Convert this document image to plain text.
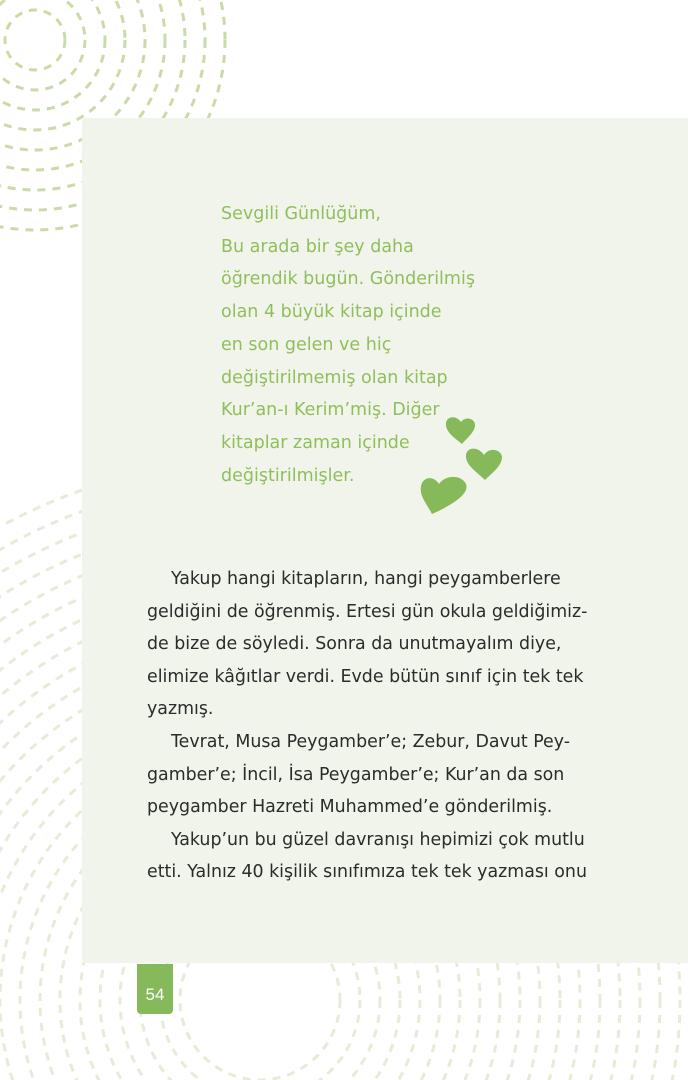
Sevgili Günlüğüm,
Bu arada bir şey daha
öğrendik bugün. Gönderilmiş
olan 4 büyük kitap içinde
en son gelen ve hiç
değiştirilmemiş olan kitap
Kur’an-ı Kerim’miş. Diğer
kitaplar zaman içinde
değiştirilmişler.
Yakup hangi kitapların, hangi peygamberlere
geldiğini de öğrenmiş. Ertesi gün okula geldiğimiz-
de bize de söyledi. Sonra da unutmayalım diye,
elimize kâğıtlar verdi. Evde bütün sınıf için tek tek
yazmış.
Tevrat, Musa Peygamber’e; Zebur, Davut Pey-
gamber’e; İncil, İsa Peygamber’e; Kur’an da son
peygamber Hazreti Muhammed’e gönderilmiş.
Yakup’un bu güzel davranışı hepimizi çok mutlu
etti. Yalnız 40 kişilik sınıfımıza tek tek yazması onu
54
